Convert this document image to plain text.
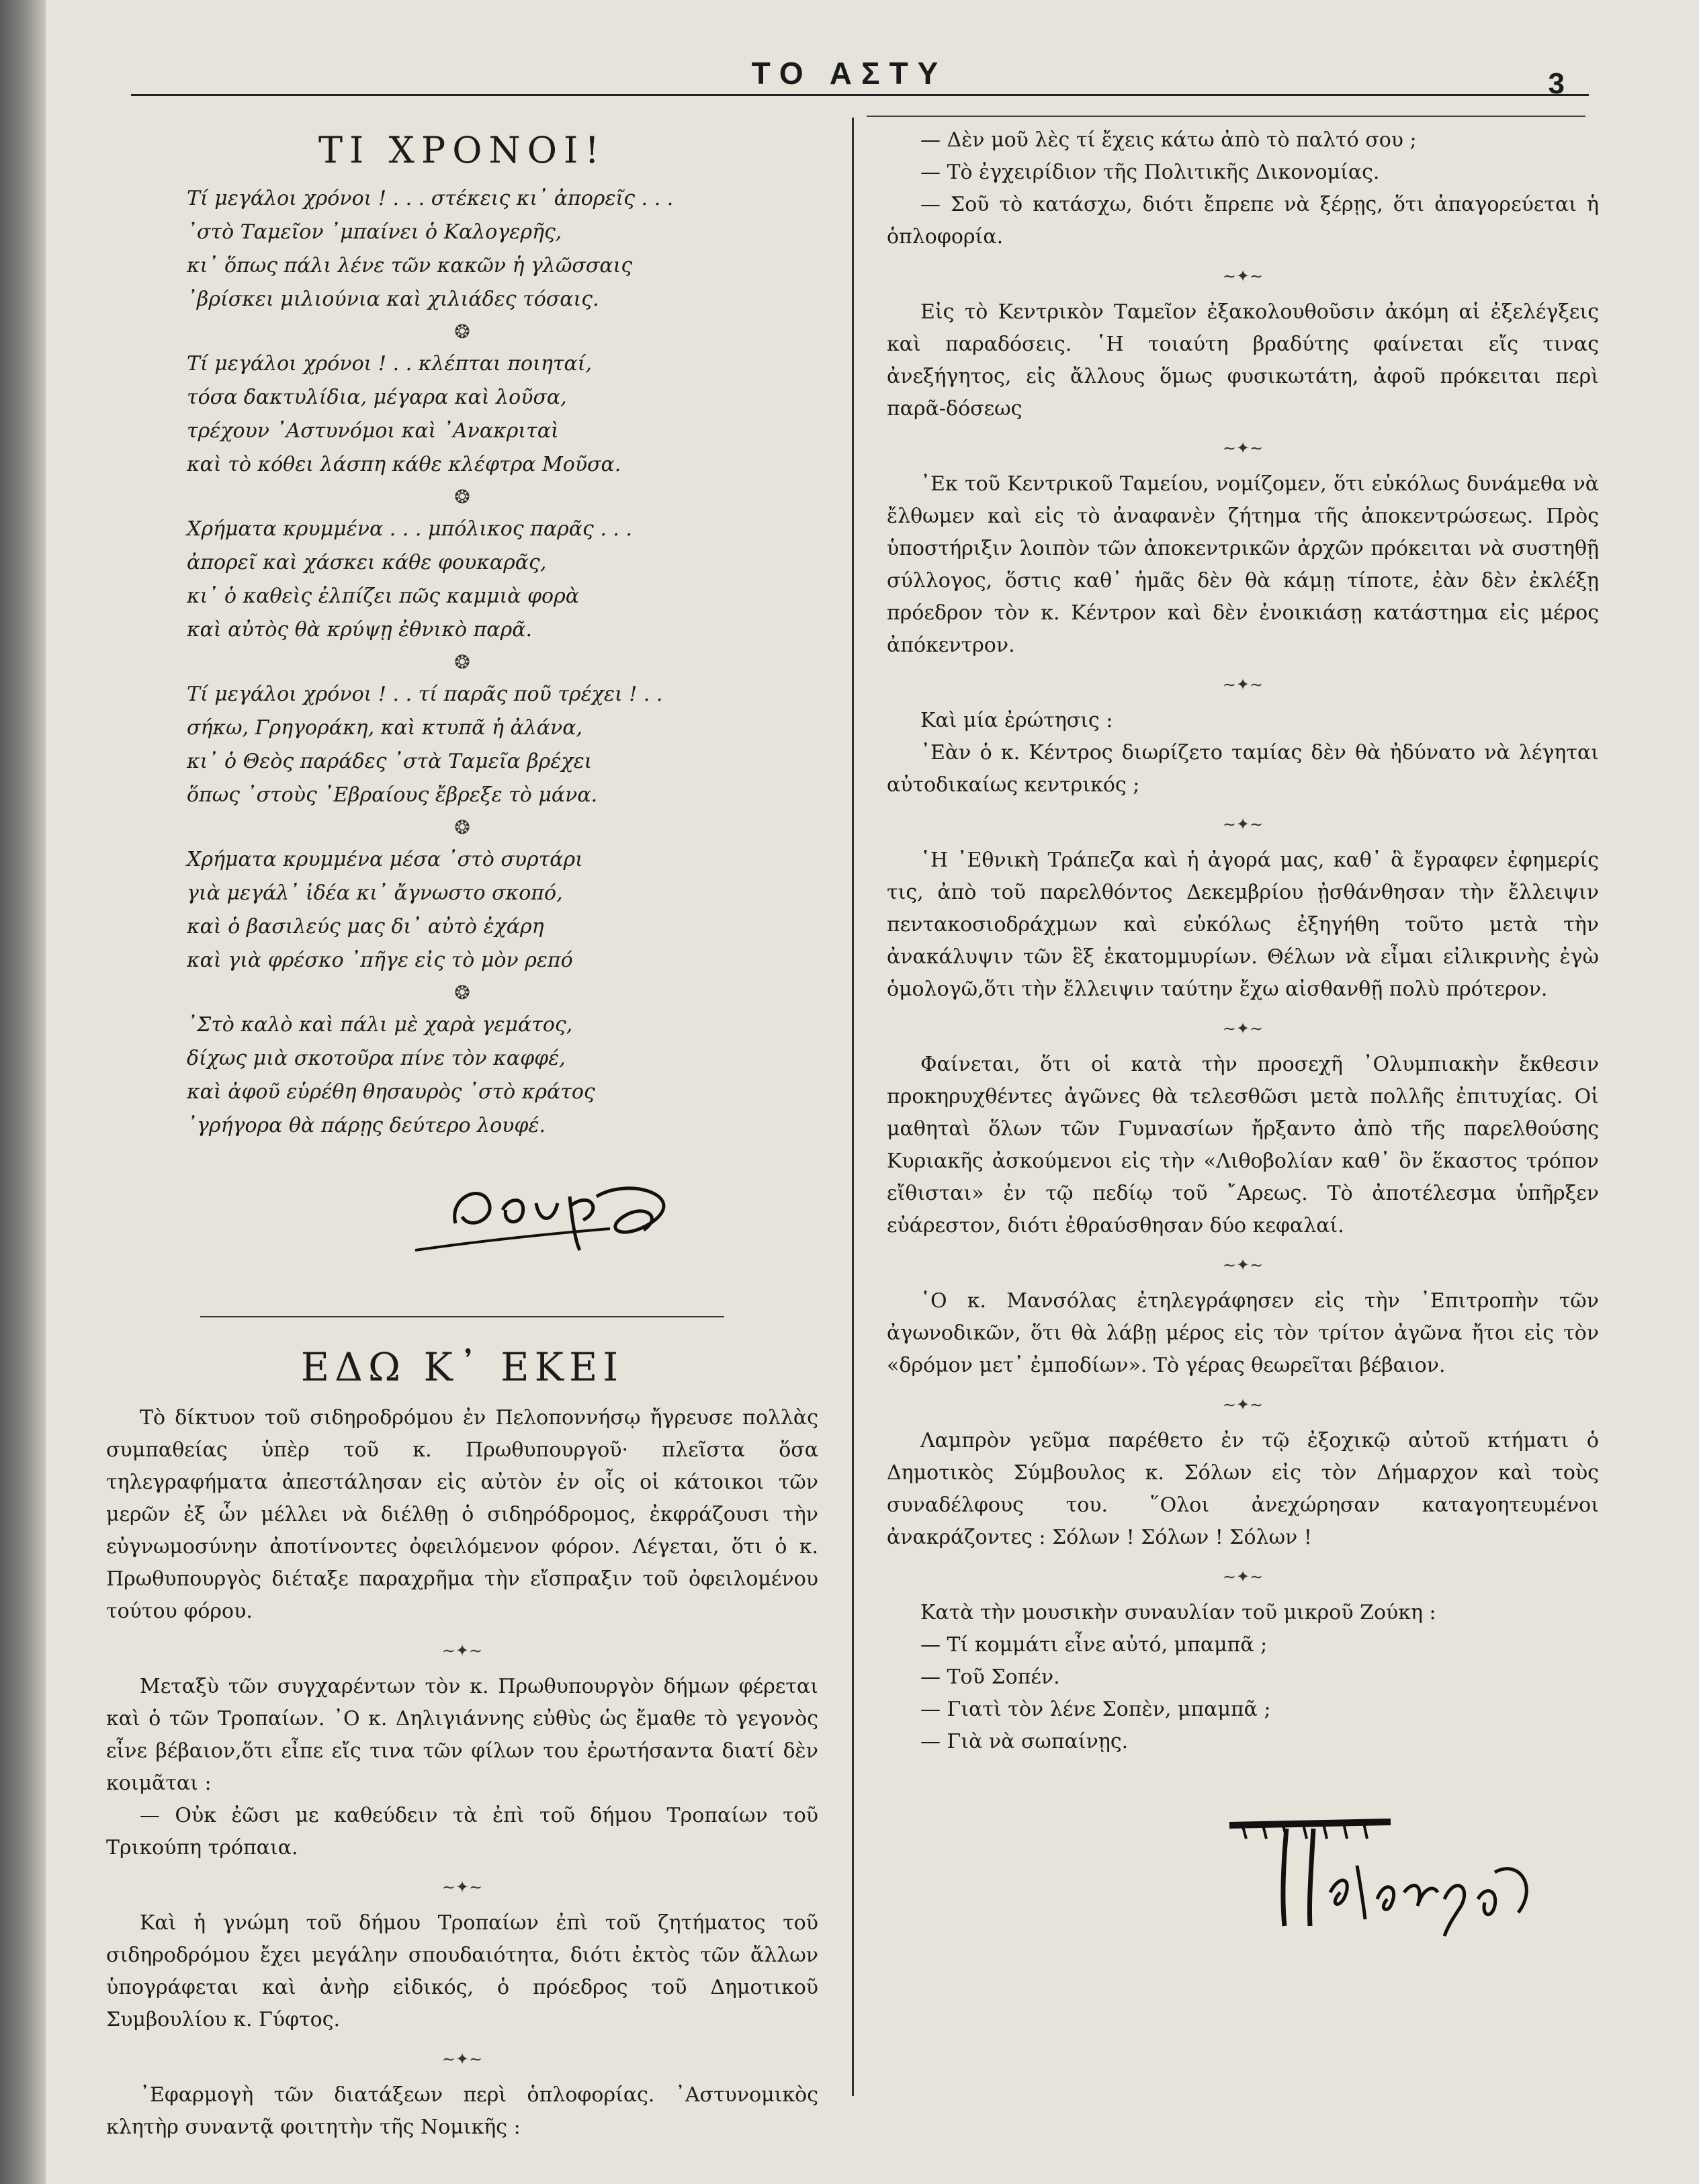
ΤΟ ΑΣΤΥ	3
ΤΙ ΧΡΟΝΟΙ!
Τί μεγάλοι χρόνοι ! . . . στέκεις κι᾽ ἀπορεῖς . . .
᾽στὸ Ταμεῖον ᾽μπαίνει ὁ Καλογερῆς,
κι᾽ ὅπως πάλι λένε τῶν κακῶν ἡ γλῶσσαις
᾽βρίσκει μιλιούνια καὶ χιλιάδες τόσαις.
❂
Τί μεγάλοι χρόνοι ! . . κλέπται ποιηταί,
τόσα δακτυλίδια, μέγαρα καὶ λοῦσα,
τρέχουν ᾽Αστυνόμοι καὶ ᾽Ανακριταὶ
καὶ τὸ κόθει λάσπη κάθε κλέφτρα Μοῦσα.
❂
Χρήματα κρυμμένα . . . μπόλικος παρᾶς . . .
ἀπορεῖ καὶ χάσκει κάθε φουκαρᾶς,
κι᾽ ὁ καθεὶς ἐλπίζει πῶς καμμιὰ φορὰ
καὶ αὐτὸς θὰ κρύψῃ ἐθνικὸ παρᾶ.
❂
Τί μεγάλοι χρόνοι ! . . τί παρᾶς ποῦ τρέχει ! . .
σήκω, Γρηγοράκη, καὶ κτυπᾶ ἡ ἀλάνα,
κι᾽ ὁ Θεὸς παράδες ᾽στὰ Ταμεῖα βρέχει
ὅπως ᾽στοὺς ᾽Εβραίους ἔβρεξε τὸ μάνα.
❂
Χρήματα κρυμμένα μέσα ᾽στὸ συρτάρι
γιὰ μεγάλ᾽ ἰδέα κι᾽ ἄγνωστο σκοπό,
καὶ ὁ βασιλεύς μας δι᾽ αὐτὸ ἐχάρη
καὶ γιὰ φρέσκο ᾽πῆγε εἰς τὸ μὸν ρεπό
❂
᾽Στὸ καλὸ καὶ πάλι μὲ χαρὰ γεμάτος,
δίχως μιὰ σκοτοῦρα πίνε τὸν καφφέ,
καὶ ἀφοῦ εὑρέθη θησαυρὸς ᾽στὸ κράτος
᾽γρήγορα θὰ πάρῃς δεύτερο λουφέ.
ΕΔΩ Κ᾽ ΕΚΕΙ

Τὸ δίκτυον τοῦ σιδηροδρόμου ἐν Πελοποννήσῳ ἤγρευσε πολλὰς συμπαθείας ὑπὲρ τοῦ κ. Πρωθυπουργοῦ· πλεῖστα ὅσα τηλεγραφήματα ἀπεστάλησαν εἰς αὐτὸν ἐν οἷς οἱ κάτοικοι τῶν μερῶν ἐξ ὧν μέλλει νὰ διέλθῃ ὁ σιδηρόδρομος, ἐκφράζουσι τὴν εὐγνωμοσύνην ἀποτίνοντες ὀφειλόμενον φόρον. Λέγεται, ὅτι ὁ κ. Πρωθυπουργὸς διέταξε παραχρῆμα τὴν εἴσπραξιν τοῦ ὀφειλομένου τούτου φόρου.

∼✦∼

Μεταξὺ τῶν συγχαρέντων τὸν κ. Πρωθυπουργὸν δήμων φέρεται καὶ ὁ τῶν Τροπαίων. ᾽Ο κ. Δηλιγιάννης εὐθὺς ὡς ἔμαθε τὸ γεγονὸς εἶνε βέβαιον,ὅτι εἶπε εἴς τινα τῶν φίλων του ἐρωτήσαντα διατί δὲν κοιμᾶται :

— Οὐκ ἐῶσι με καθεύδειν τὰ ἐπὶ τοῦ δήμου Τροπαίων τοῦ Τρικούπη τρόπαια.

∼✦∼

Καὶ ἡ γνώμη τοῦ δήμου Τροπαίων ἐπὶ τοῦ ζητήματος τοῦ σιδηροδρόμου ἔχει μεγάλην σπουδαιότητα, διότι ἐκτὸς τῶν ἄλλων ὑπογράφεται καὶ ἀνὴρ εἰδικός, ὁ πρόεδρος τοῦ Δημοτικοῦ Συμβουλίου κ. Γύφτος.

∼✦∼

᾽Εφαρμογὴ τῶν διατάξεων περὶ ὁπλοφορίας. ᾽Αστυνομικὸς κλητὴρ συναντᾷ φοιτητὴν τῆς Νομικῆς :

— Δὲν μοῦ λὲς τί ἔχεις κάτω ἀπὸ τὸ παλτό σου ;

— Τὸ ἐγχειρίδιον τῆς Πολιτικῆς Δικονομίας.

— Σοῦ τὸ κατάσχω, διότι ἔπρεπε νὰ ξέρῃς, ὅτι ἀπαγορεύεται ἡ ὁπλοφορία.

∼✦∼

Εἰς τὸ Κεντρικὸν Ταμεῖον ἐξακολουθοῦσιν ἀκόμη αἱ ἐξελέγξεις καὶ παραδόσεις. ῾Η τοιαύτη βραδύτης φαίνεται εἴς τινας ἀνεξήγητος, εἰς ἄλλους ὅμως φυσικωτάτη, ἀφοῦ πρόκειται περὶ παρᾶ-δόσεως

∼✦∼

᾽Εκ τοῦ Κεντρικοῦ Ταμείου, νομίζομεν, ὅτι εὐκόλως δυνάμεθα νὰ ἔλθωμεν καὶ εἰς τὸ ἀναφανὲν ζήτημα τῆς ἀποκεντρώσεως. Πρὸς ὑποστήριξιν λοιπὸν τῶν ἀποκεντρικῶν ἀρχῶν πρόκειται νὰ συστηθῇ σύλλογος, ὅστις καθ᾽ ἡμᾶς δὲν θὰ κάμῃ τίποτε, ἐὰν δὲν ἐκλέξῃ πρόεδρον τὸν κ. Κέντρον καὶ δὲν ἐνοικιάσῃ κατάστημα εἰς μέρος ἀπόκεντρον.

∼✦∼

Καὶ μία ἐρώτησις :

᾽Εὰν ὁ κ. Κέντρος διωρίζετο ταμίας δὲν θὰ ἠδύνατο νὰ λέγηται αὐτοδικαίως κεντρικός ;

∼✦∼

῾Η ᾽Εθνικὴ Τράπεζα καὶ ἡ ἀγορά μας, καθ᾽ ἃ ἔγραφεν ἐφημερίς τις, ἀπὸ τοῦ παρελθόντος Δεκεμβρίου ᾐσθάνθησαν τὴν ἔλλειψιν πεντακοσιοδράχμων καὶ εὐκόλως ἐξηγήθη τοῦτο μετὰ τὴν ἀνακάλυψιν τῶν ἓξ ἑκατομμυρίων. Θέλων νὰ εἶμαι εἰλικρινὴς ἐγὼ ὁμολογῶ,ὅτι τὴν ἔλλειψιν ταύτην ἔχω αἰσθανθῇ πολὺ πρότερον.

∼✦∼

Φαίνεται, ὅτι οἱ κατὰ τὴν προσεχῆ ᾽Ολυμπιακὴν ἔκθεσιν προκηρυχθέντες ἀγῶνες θὰ τελεσθῶσι μετὰ πολλῆς ἐπιτυχίας. Οἱ μαθηταὶ ὅλων τῶν Γυμνασίων ἤρξαντο ἀπὸ τῆς παρελθούσης Κυριακῆς ἀσκούμενοι εἰς τὴν «Λιθοβολίαν καθ᾽ ὃν ἕκαστος τρόπον εἴθισται» ἐν τῷ πεδίῳ τοῦ ῎Αρεως. Τὸ ἀποτέλεσμα ὑπῆρξεν εὐάρεστον, διότι ἐθραύσθησαν δύο κεφαλαί.

∼✦∼

῾Ο κ. Μανσόλας ἐτηλεγράφησεν εἰς τὴν ᾽Επιτροπὴν τῶν ἀγωνοδικῶν, ὅτι θὰ λάβῃ μέρος εἰς τὸν τρίτον ἀγῶνα ἤτοι εἰς τὸν «δρόμον μετ᾽ ἐμποδίων». Τὸ γέρας θεωρεῖται βέβαιον.

∼✦∼

Λαμπρὸν γεῦμα παρέθετο ἐν τῷ ἐξοχικῷ αὐτοῦ κτήματι ὁ Δημοτικὸς Σύμβουλος κ. Σόλων εἰς τὸν Δήμαρχον καὶ τοὺς συναδέλφους του. ῞Ολοι ἀνεχώρησαν καταγοητευμένοι ἀνακράζοντες : Σόλων ! Σόλων ! Σόλων !

∼✦∼

Κατὰ τὴν μουσικὴν συναυλίαν τοῦ μικροῦ Ζούκη :

— Τί κομμάτι εἶνε αὐτό, μπαμπᾶ ;
— Τοῦ Σοπέν.
— Γιατὶ τὸν λένε Σοπὲν, μπαμπᾶ ;
— Γιὰ νὰ σωπαίνῃς.
